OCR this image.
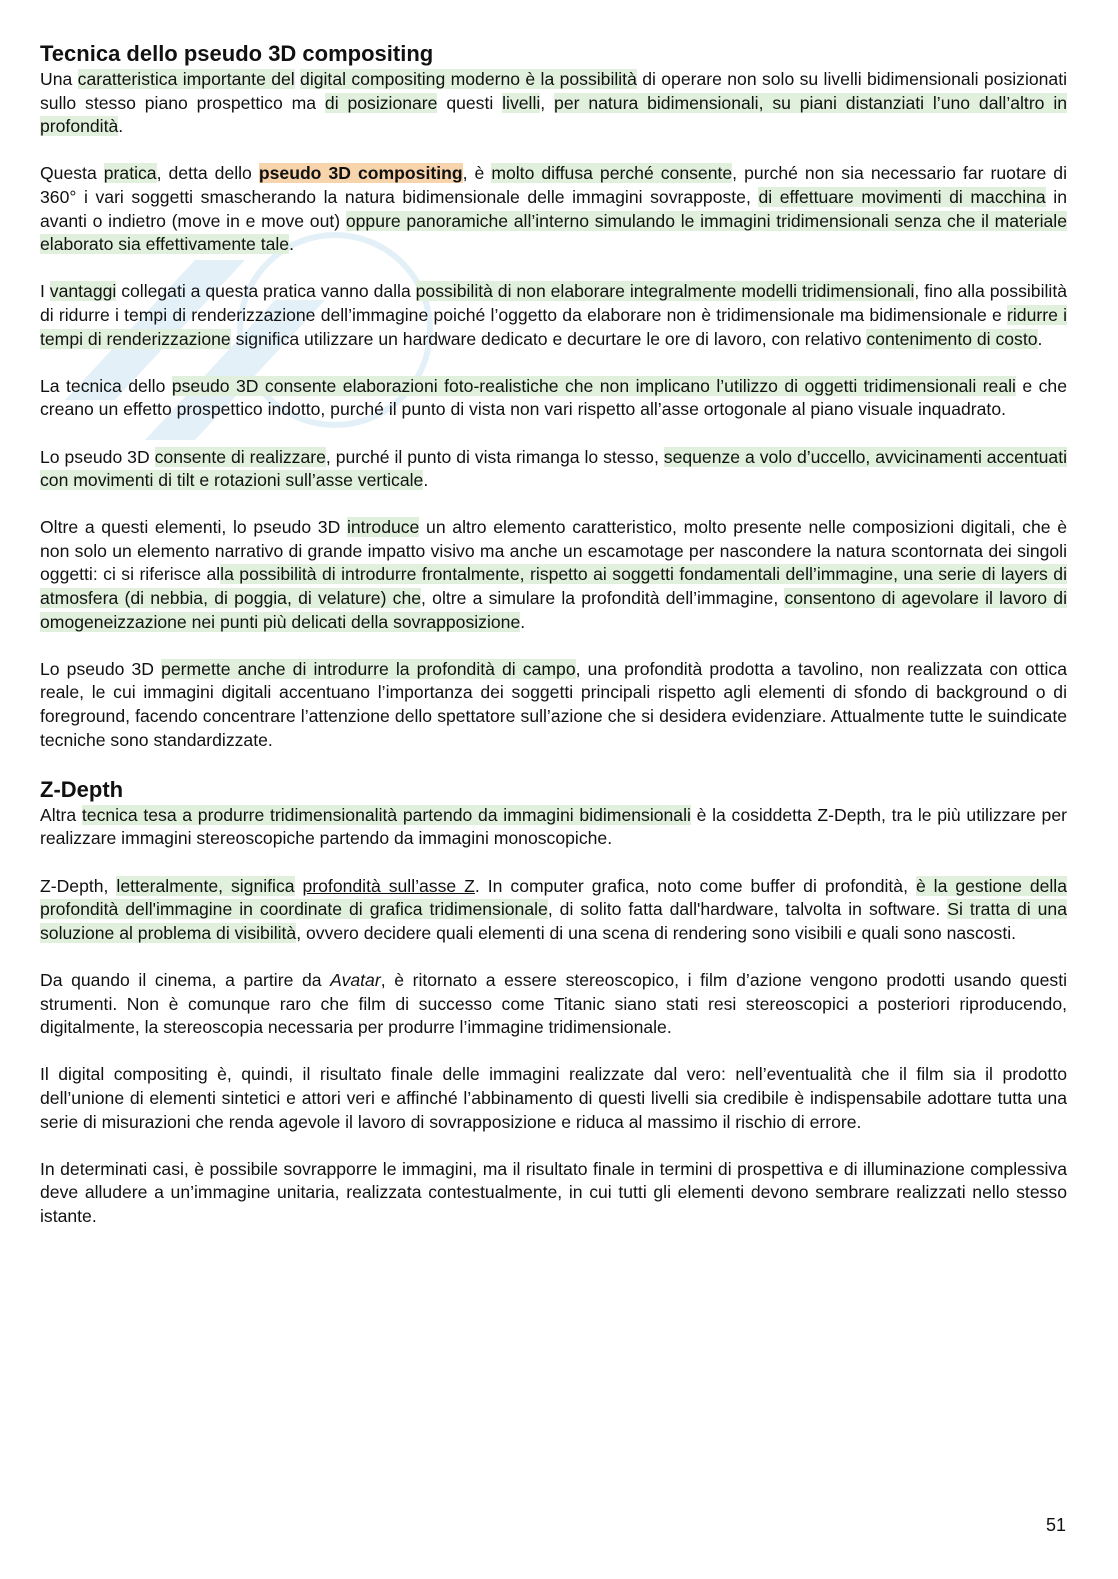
Tecnica dello pseudo 3D compositing

Una caratteristica importante del digital compositing moderno è la possibilità di operare non solo su livelli bidimensionali posizionati sullo stesso piano prospettico ma di posizionare questi livelli, per natura bidimensionali, su piani distanziati l’uno dall’altro in profondità.

Questa pratica, detta dello pseudo 3D compositing, è molto diffusa perché consente, purché non sia necessario far ruotare di 360° i vari soggetti smascherando la natura bidimensionale delle immagini sovrapposte, di effettuare movimenti di macchina in avanti o indietro (move in e move out) oppure panoramiche all’interno simulando le immagini tridimensionali senza che il materiale elaborato sia effettivamente tale.

I vantaggi collegati a questa pratica vanno dalla possibilità di non elaborare integralmente modelli tridimensionali, fino alla possibilità di ridurre i tempi di renderizzazione dell’immagine poiché l’oggetto da elaborare non è tridimensionale ma bidimensionale e ridurre i tempi di renderizzazione significa utilizzare un hardware dedicato e decurtare le ore di lavoro, con relativo contenimento di costo.

La tecnica dello pseudo 3D consente elaborazioni foto-realistiche che non implicano l’utilizzo di oggetti tridimensionali reali e che creano un effetto prospettico indotto, purché il punto di vista non vari rispetto all’asse ortogonale al piano visuale inquadrato.

Lo pseudo 3D consente di realizzare, purché il punto di vista rimanga lo stesso, sequenze a volo d’uccello, avvicinamenti accentuati con movimenti di tilt e rotazioni sull’asse verticale.

Oltre a questi elementi, lo pseudo 3D introduce un altro elemento caratteristico, molto presente nelle composizioni digitali, che è non solo un elemento narrativo di grande impatto visivo ma anche un escamotage per nascondere la natura scontornata dei singoli oggetti: ci si riferisce alla possibilità di introdurre frontalmente, rispetto ai soggetti fondamentali dell’immagine, una serie di layers di atmosfera (di nebbia, di poggia, di velature) che, oltre a simulare la profondità dell’immagine, consentono di agevolare il lavoro di omogeneizzazione nei punti più delicati della sovrapposizione.

Lo pseudo 3D permette anche di introdurre la profondità di campo, una profondità prodotta a tavolino, non realizzata con ottica reale, le cui immagini digitali accentuano l’importanza dei soggetti principali rispetto agli elementi di sfondo di background o di foreground, facendo concentrare l’attenzione dello spettatore sull’azione che si desidera evidenziare. Attualmente tutte le suindicate tecniche sono standardizzate.

Z-Depth

Altra tecnica tesa a produrre tridimensionalità partendo da immagini bidimensionali è la cosiddetta Z-Depth, tra le più utilizzare per realizzare immagini stereoscopiche partendo da immagini monoscopiche.

Z-Depth, letteralmente, significa profondità sull’asse Z. In computer grafica, noto come buffer di profondità, è la gestione della profondità dell'immagine in coordinate di grafica tridimensionale, di solito fatta dall'hardware, talvolta in software. Si tratta di una soluzione al problema di visibilità, ovvero decidere quali elementi di una scena di rendering sono visibili e quali sono nascosti.

Da quando il cinema, a partire da Avatar, è ritornato a essere stereoscopico, i film d’azione vengono prodotti usando questi strumenti. Non è comunque raro che film di successo come Titanic siano stati resi stereoscopici a posteriori riproducendo, digitalmente, la stereoscopia necessaria per produrre l’immagine tridimensionale.

Il digital compositing è, quindi, il risultato finale delle immagini realizzate dal vero: nell’eventualità che il film sia il prodotto dell’unione di elementi sintetici e attori veri e affinché l’abbinamento di questi livelli sia credibile è indispensabile adottare tutta una serie di misurazioni che renda agevole il lavoro di sovrapposizione e riduca al massimo il rischio di errore.

In determinati casi, è possibile sovrapporre le immagini, ma il risultato finale in termini di prospettiva e di illuminazione complessiva deve alludere a un’immagine unitaria, realizzata contestualmente, in cui tutti gli elementi devono sembrare realizzati nello stesso istante.

51
